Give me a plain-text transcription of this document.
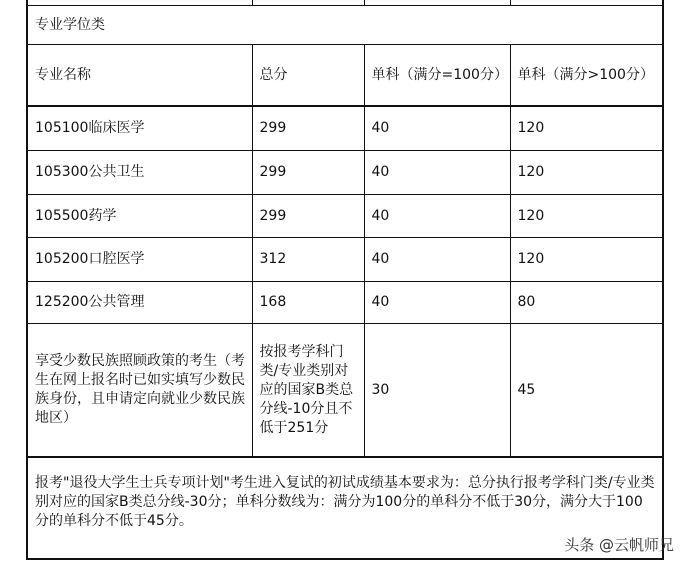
专业学位类			
专业名称	总分	单科（满分=100分）	单科（满分>100分）
105100临床医学	299	40	120
105300公共卫生	299	40	120
105500药学	299	40	120
105200口腔医学	312	40	120
125200公共管理	168	40	80
享受少数民族照顾政策的考生（考生在网上报名时已如实填写少数民族身份，且申请定向就业少数民族地区）	按报考学科门类/专业类别对应的国家B类总分线-10分且不低于251分	30	45
报考"退役大学生士兵专项计划"考生进入复试的初试成绩基本要求为：总分执行报考学科门类/专业类别对应的国家B类总分线-30分；单科分数线为：满分为100分的单科分不低于30分，满分大于100分的单科分不低于45分。			
头条 @云帆师兄
